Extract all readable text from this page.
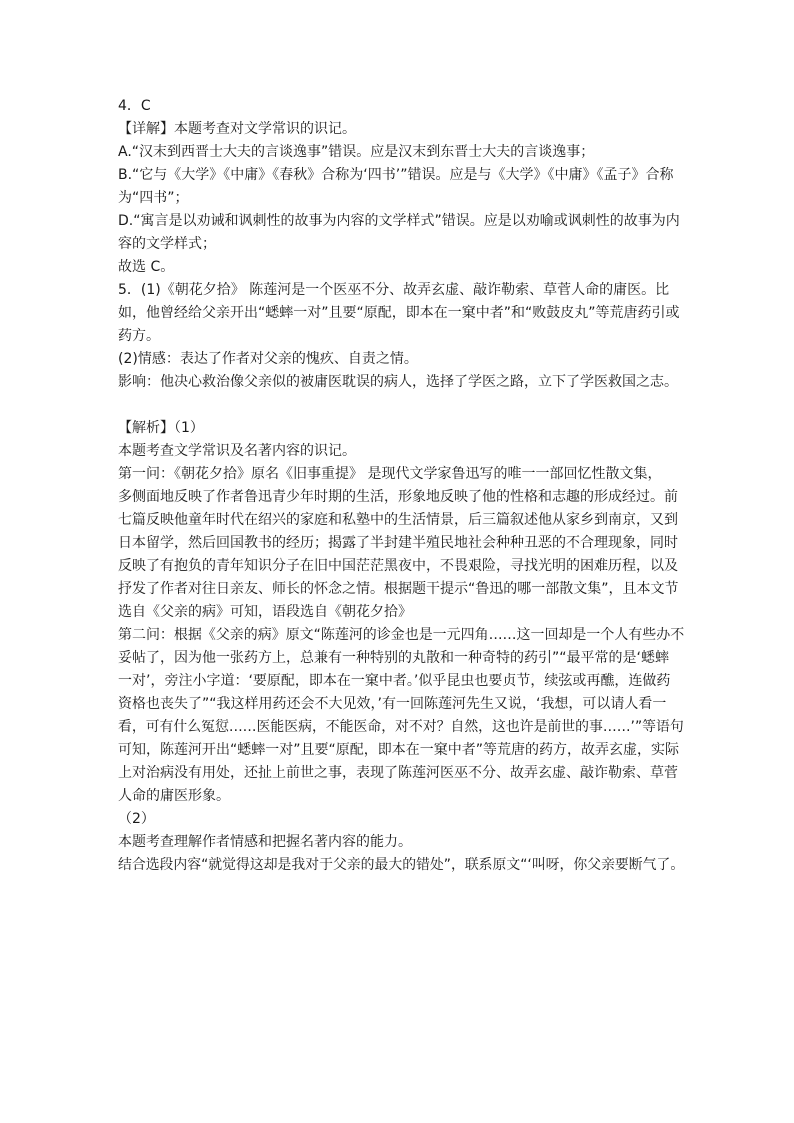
4．C
【详解】本题考查对文学常识的识记。
A.“汉末到西晋士大夫的言谈逸事”错误。应是汉末到东晋士大夫的言谈逸事；
B.“它与《大学》《中庸》《春秋》合称为‘四书’”错误。应是与《大学》《中庸》《孟子》合称
为“四书”；
D.“寓言是以劝诫和讽刺性的故事为内容的文学样式”错误。应是以劝喻或讽刺性的故事为内
容的文学样式；
故选 C。
5．(1)《朝花夕拾》 陈莲河是一个医巫不分、故弄玄虚、敲诈勒索、草菅人命的庸医。比
如，他曾经给父亲开出“蟋蟀一对”且要“原配，即本在一窠中者”和“败鼓皮丸”等荒唐药引或
药方。
(2)情感：表达了作者对父亲的愧疚、自责之情。
影响：他决心救治像父亲似的被庸医耽误的病人，选择了学医之路，立下了学医救国之志。
【解析】（1）
本题考查文学常识及名著内容的识记。
第一问：《朝花夕拾》原名《旧事重提》 是现代文学家鲁迅写的唯一一部回忆性散文集，
多侧面地反映了作者鲁迅青少年时期的生活，形象地反映了他的性格和志趣的形成经过。前
七篇反映他童年时代在绍兴的家庭和私塾中的生活情景，后三篇叙述他从家乡到南京，又到
日本留学，然后回国教书的经历；揭露了半封建半殖民地社会种种丑恶的不合理现象，同时
反映了有抱负的青年知识分子在旧中国茫茫黑夜中，不畏艰险，寻找光明的困难历程，以及
抒发了作者对往日亲友、师长的怀念之情。根据题干提示“鲁迅的哪一部散文集”，且本文节
选自《父亲的病》可知，语段选自《朝花夕拾》
第二问：根据《父亲的病》原文“陈莲河的诊金也是一元四角……这一回却是一个人有些办不
妥帖了，因为他一张药方上，总兼有一种特别的丸散和一种奇特的药引”“最平常的是‘蟋蟀
一对’，旁注小字道：‘要原配，即本在一窠中者。’似乎昆虫也要贞节，续弦或再醮，连做药
资格也丧失了”“我这样用药还会不大见效，’有一回陈莲河先生又说，‘我想，可以请人看一
看，可有什么冤愆……医能医病，不能医命，对不对？自然，这也许是前世的事……’”等语句
可知，陈莲河开出“蟋蟀一对”且要“原配，即本在一窠中者”等荒唐的药方，故弄玄虚，实际
上对治病没有用处，还扯上前世之事，表现了陈莲河医巫不分、故弄玄虚、敲诈勒索、草菅
人命的庸医形象。
（2）
本题考查理解作者情感和把握名著内容的能力。
结合选段内容“就觉得这却是我对于父亲的最大的错处”，联系原文“‘叫呀，你父亲要断气了。
